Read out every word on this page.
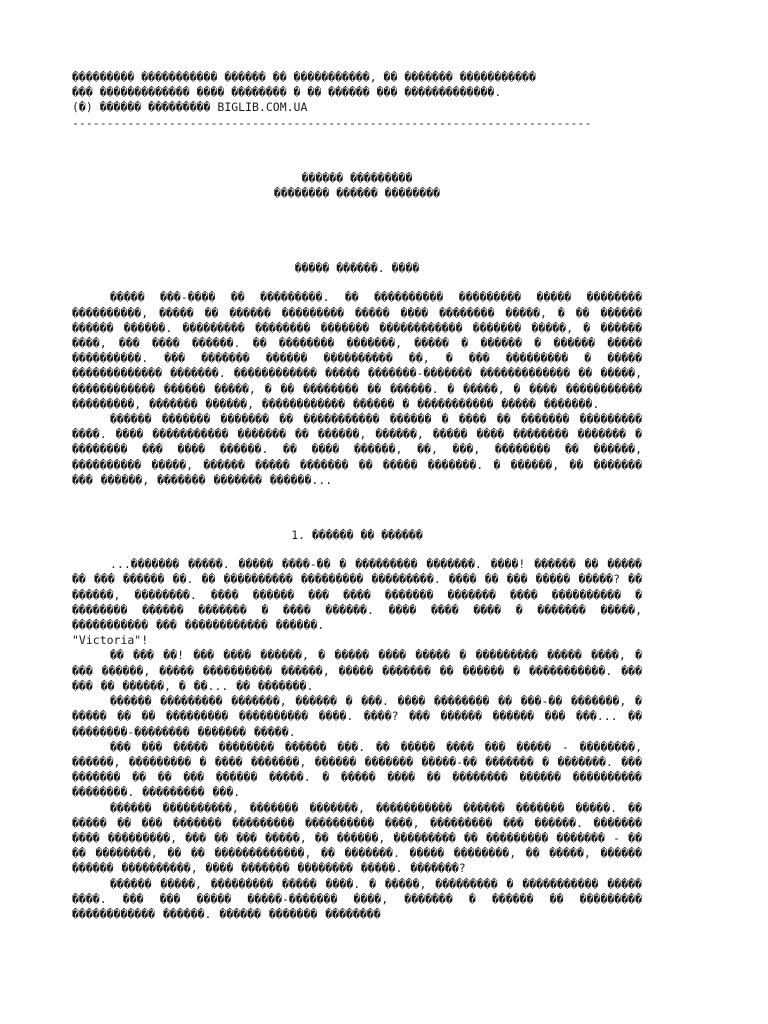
��������� ����������� ������ �� �����������, �� ������� �����������
��� ������������� ���� �������� � �� ������ ��� �������������.
(�) ������ ��������� BIGLIB.COM.UA
---------------------------------------------------------------------------
������ ���������
�������� ������ ��������
����� ������. ����
����� ���-���� �� ���������. �� ���������� ��������� ����� �������� ����������, ����� �� ������ ��������� ����� ���� �������� �����, � �� ������ ������ ������. ��������� �������� ������� ������������ ������� �����, � ������ ����, ��� ���� ������. �� �������� �������, ����� � ������ � ������ ����� ����������. ��� ������� ������ ���������� ��, � ��� ��������� � ����� ������������� �������. ������������ ����� �������-������� ������������� �� �����, ������������ ������ �����, � �� �������� �� ������. � �����, � ���� ����������� ���������, ������� ������, ������������ ������ � ����������� ����� �������.
������ ������� ������� �� ����������� ������ � ���� �� ������� ��������� ����. ���� ����������� ������� �� ������, ������, ����� ���� �������� ������� � �������� ��� ���� ������. �� ���� ������, ��, ���, �������� �� ������, ���������� �����, ������ ����� ������� �� ����� �������. � ������, �� ������� ��� ������, ������� ������� ������...
1. ������ �� ������
...������� �����. ����� ����-�� � ��������� �������. ����! ������ �� ����� �� ��� ������ ��. �� ���������� ��������� ���������. ���� �� ��� ����� �����? �� ������, ��������. ���� ������ ��� ���� ������� ������� ���� ���������� � �������� ������ ������� � ���� ������. ���� ���� ���� � ������� �����, ����������� ��� ������������ ������.
"Victoria"!
�� ��� ��! ��� ���� ������, � ����� ���� ����� � ��������� ����� ����, � ��� ������, ����� ���������� ������, ����� ������� �� ������ � �����������. ��� ��� �� ������, � ��... �� �������.
������ ��������� �������, ������ � ���. ���� �������� �� ���-�� �������, � ����� �� �� ��������� ���������� ����. ����? ��� ������ ������ ��� ���... �� ��������-�������� ������� �����.
��� ��� ����� �������� ������ ���. �� ����� ���� ��� ����� - ��������, ������, ��������� � ���� �������, ������ ������� �����-�� ������� � �������. ��� ������� �� �� ��� ������ �����. � ����� ���� �� �������� ������ ���������� ��������. ��������� ���.
������ ����������, ������� �������, ����������� ������ ������� �����. �� ����� �� ��� ������� ��������� ���������� ����, ��������� ��� ������. ������� ���� ���������, ��� �� ��� �����, �� ������, ��������� �� ��������� ������� - �� �� ��������, �� �� �������������, �� �������. ����� ��������, �� �����, ������ ������ ����������, ���� ������� �������� �����. �������?
������ �����, ��������� ����� ����. � �����, ��������� � ����������� ����� ����. ��� ��� ����� �����-������� ����, ������� � ������ �� ��������� ������������ ������. ������ ������� ��������
